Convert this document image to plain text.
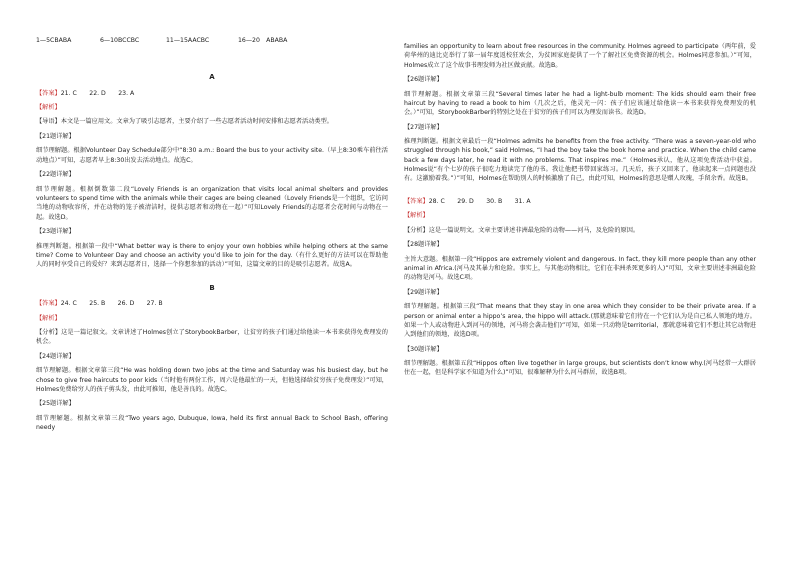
1—5CBABA	6—10BCCBC	11—15AACBC	16—20　ABABA

A

【答案】21. C　　22. D　　23. A

【解析】

【导语】本文是一篇应用文。文章为了吸引志愿者，主要介绍了一些志愿者活动时间安排和志愿者活动类型。

【21题详解】

细节理解题。根据Volunteer Day Schedule部分中“8:30 a.m.: Board the bus to your activity site.（早上8:30乘车前往活动地点）”可知，志愿者早上8:30出发去活动地点。故选C。

【22题详解】

细节理解题。根据倒数第二段“Lovely Friends is an organization that visits local animal shelters and provides volunteers to spend time with the animals while their cages are being cleaned（Lovely Friends是一个组织，它访问当地的动物收容所，并在动物的笼子被清洁时，提供志愿者和动物在一起）”可知Lovely Friends的志愿者会花时间与动物在一起。故选D。

【23题详解】

推理判断题。根据第一段中“What better way is there to enjoy your own hobbies while helping others at the same time? Come to Volunteer Day and choose an activity you’d like to join for the day.（有什么更好的方法可以在帮助他人的同时享受自己的爱好？来到志愿者日，选择一个你想参加的活动）”可知，这篇文章的目的是吸引志愿者。故选A。

B

【答案】24. C　　25. B　　26. D　　27. B

【解析】

【分析】这是一篇记叙文。文章讲述了Holmes创立了StorybookBarber，让贫穷的孩子们通过给他读一本书来获得免费理发的机会。

【24题详解】

细节理解题。根据文章第三段“He was holding down two jobs at the time and Saturday was his busiest day, but he chose to give free haircuts to poor kids（当时他有两份工作，周六是他最忙的一天，但他选择给贫穷孩子免费理发）”可知，Holmes免费给穷人的孩子剪头发，由此可推知，他是善良的。故选C。

【25题详解】

细节理解题。根据文章第三段“Two years ago, Dubuque, Iowa, held its first annual Back to School Bash, offering needy

families an opportunity to learn about free resources in the community. Holmes agreed to participate（两年前，爱荷华州的迪比克举行了第一届年度返校狂欢会，为贫困家庭提供了一个了解社区免费资源的机会。Holmes同意参加。）”可知，Holmes成立了这个故事书理发师为社区做贡献。故选B。

【26题详解】

细节理解题。根据文章第三段“Several times later he had a light-bulb moment: The kids should earn their free haircut by having to read a book to him（几次之后，他灵光一闪：孩子们应该通过给他读一本书来获得免费理发的机会。）”可知，StorybookBarber的特别之处在于贫穷的孩子们可以为理发而读书。故选D。

【27题详解】

推理判断题。根据文章最后一段“Holmes admits he benefits from the free activity. “There was a seven-year-old who struggled through his book,” said Holmes, “I had the boy take the book home and practice. When the child came back a few days later, he read it with no problems. That inspires me.”（Holmes承认，他从这项免费活动中获益。Holmes说“有个七岁的孩子很吃力地读完了他的书。我让他把书带回家练习。几天后，孩子又回来了，他读起来一点问题也没有。这激励着我。”）”可知，Holmes在帮助别人的时候激励了自己，由此可知，Holmes的意思是赠人玫瑰，手留余香。故选B。

【答案】28. C　　29. D　　30. B　　31. A

【解析】

【分析】这是一篇说明文。文章主要讲述非洲最危险的动物——河马，及危险的原因。

【28题详解】

主旨大意题。根据第一段“Hippos are extremely violent and dangerous. In fact, they kill more people than any other animal in Africa.(河马及其暴力和危险。事实上，与其他动物相比，它们在非洲杀死更多的人)”可知，文章主要讲述非洲最危险的动物是河马。故选C项。

【29题详解】

细节理解题。根据第三段“That means that they stay in one area which they consider to be their private area. If a person or animal enter a hippo’s area, the hippo will attack.(那就意味着它们待在一个它们认为是自己私人领地的地方。如果一个人或动物进入到河马的领地，河马将会袭击他们)”可知，如果一只动物是territorial，那就意味着它们不想让其它动物进入到他们的领地，故选D项。

【30题详解】

细节理解题。根据第五段“Hippos often live together in large groups, but scientists don’t know why.(河马经常一大群居住在一起，但是科学家不知道为什么)”可知，很难解释为什么河马群居，故选B项。
